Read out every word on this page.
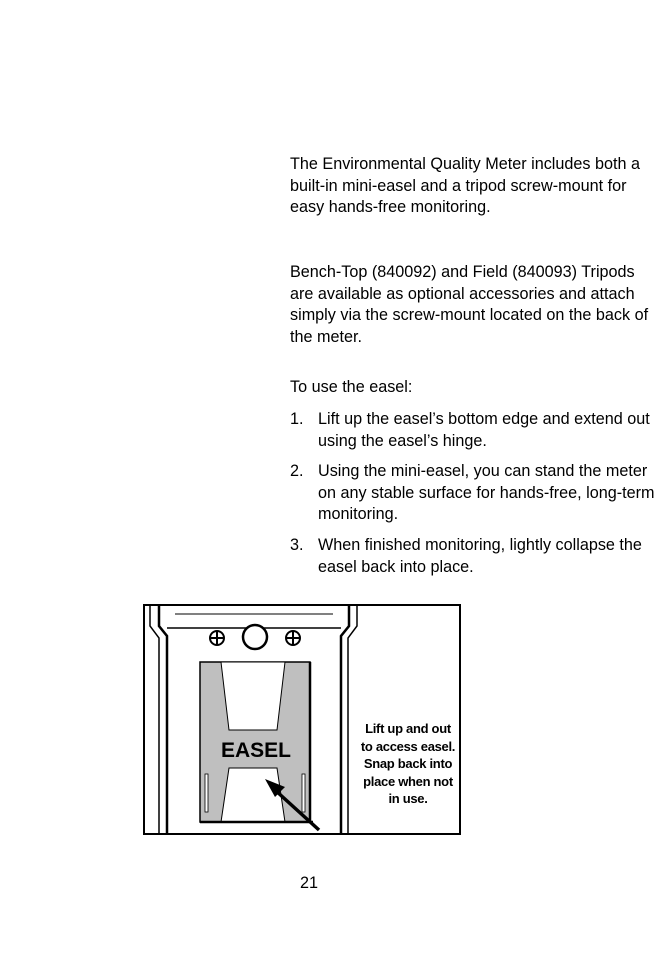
The Environmental Quality Meter includes both a built-in mini-easel and a tripod screw-mount for easy hands-free monitoring.

Bench-Top (840092) and Field (840093) Tripods are available as optional accessories and attach simply via the screw-mount located on the back of the meter.

To use the easel:

1. Lift up the easel’s bottom edge and extend out using the easel’s hinge.
2. Using the mini-easel, you can stand the meter on any stable surface for hands-free, long-term monitoring.
3. When finished monitoring, lightly collapse the easel back into place.
EASEL
Lift up and out to access easel. Snap back into place when not in use.
21
